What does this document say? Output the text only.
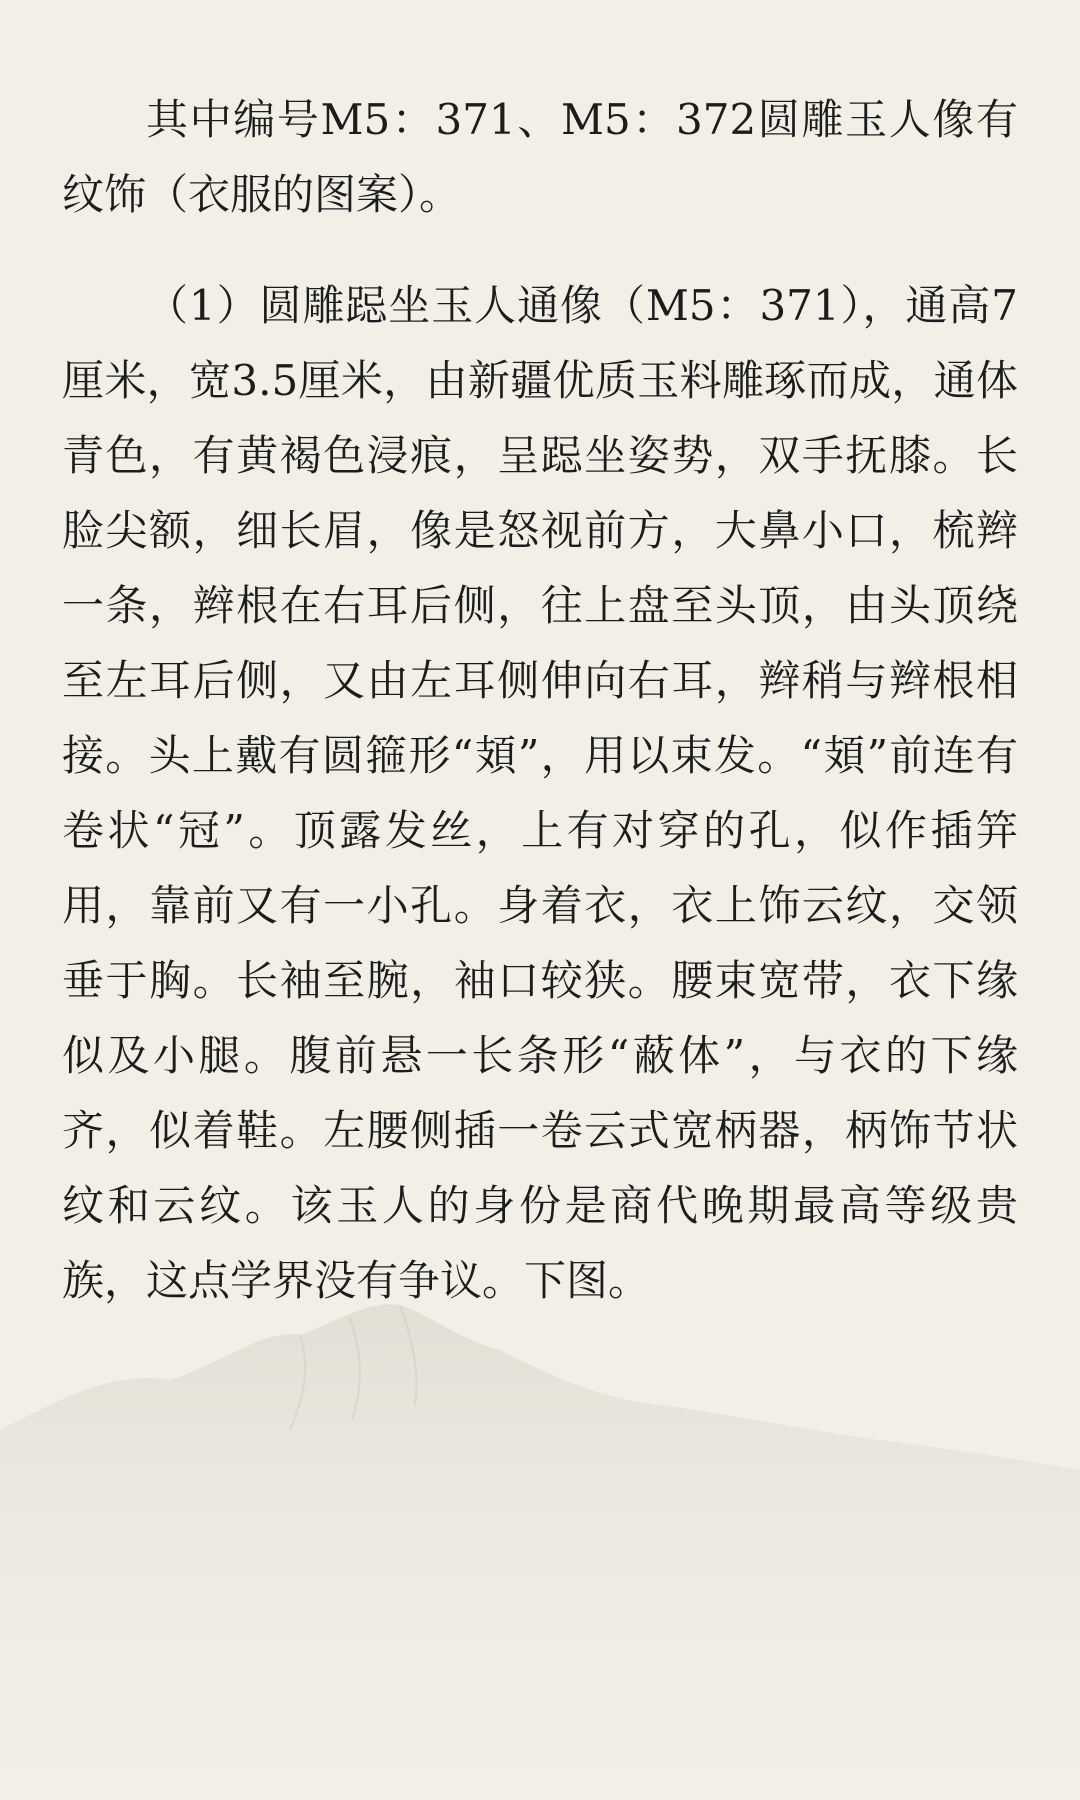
其中编号M5：371、M5：372圆雕玉人像有纹饰（衣服的图案）。

（1）圆雕跽坐玉人通像（M5：371），通高7厘米，宽3.5厘米，由新疆优质玉料雕琢而成，通体青色，有黄褐色浸痕，呈跽坐姿势，双手抚膝。长脸尖额，细长眉，像是怒视前方，大鼻小口，梳辫一条，辫根在右耳后侧，往上盘至头顶，由头顶绕至左耳后侧，又由左耳侧伸向右耳，辫稍与辫根相接。头上戴有圆箍形“頍”，用以束发。“頍”前连有卷状“冠”。顶露发丝，上有对穿的孔，似作插笄用，靠前又有一小孔。身着衣，衣上饰云纹，交领垂于胸。长袖至腕，袖口较狭。腰束宽带，衣下缘似及小腿。腹前悬一长条形“蔽体”，与衣的下缘齐，似着鞋。左腰侧插一卷云式宽柄器，柄饰节状纹和云纹。该玉人的身份是商代晚期最高等级贵族，这点学界没有争议。下图。
